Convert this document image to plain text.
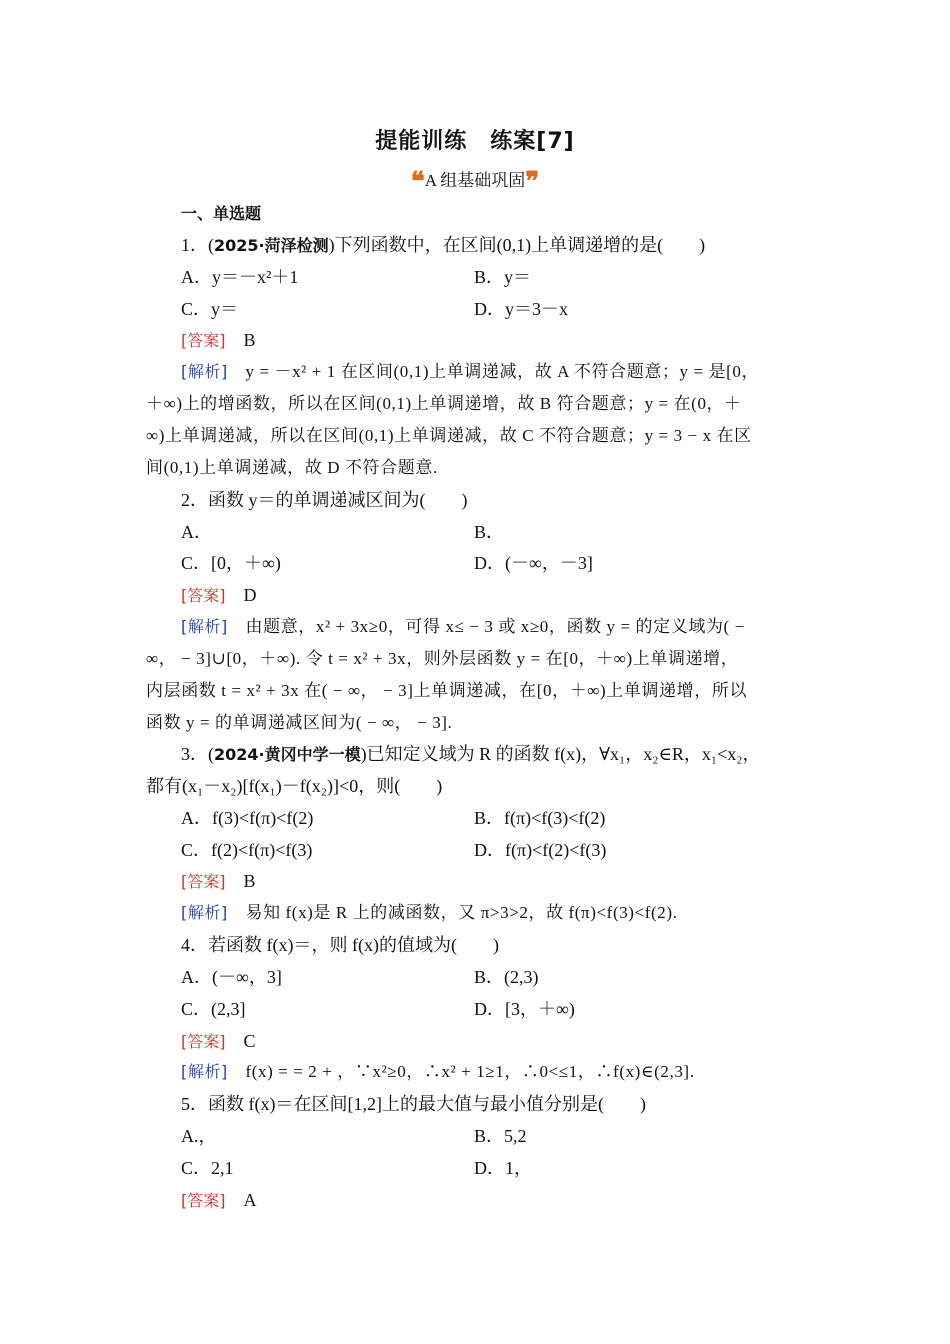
提能训练　练案[7]
❝A 组基础巩固❞
一、单选题
1．(2025·菏泽检测)下列函数中，在区间(0,1)上单调递增的是(　　)
A．y＝－x²＋1	B．y＝
C．y＝	D．y＝3－x
[答案]　 B
[解析]　 y = －x² + 1 在区间(0,1)上单调递减，故 A 不符合题意；y = 是[0，
＋∞)上的增函数，所以在区间(0,1)上单调递增，故 B 符合题意；y = 在(0，＋
∞)上单调递减，所以在区间(0,1)上单调递减，故 C 不符合题意；y = 3 − x 在区
间(0,1)上单调递减，故 D 不符合题意.
2．函数 y＝的单调递减区间为(　　)
A．	B．
C．[0，＋∞)	D．(－∞，－3]
[答案]　 D
[解析]　 由题意，x² + 3x≥0，可得 x≤ − 3 或 x≥0，函数 y = 的定义域为( −
∞， − 3]∪[0，＋∞). 令 t = x² + 3x，则外层函数 y = 在[0，＋∞)上单调递增，
内层函数 t = x² + 3x 在( − ∞， − 3]上单调递减，在[0，＋∞)上单调递增，所以
函数 y = 的单调递减区间为( − ∞， − 3].
3．(2024·黄冈中学一模)已知定义域为 R 的函数 f(x)，∀x₁，x₂∈R，x₁<x₂，
都有(x₁－x₂)[f(x₁)－f(x₂)]<0，则(　　)
A．f(3)<f(π)<f(2)	B．f(π)<f(3)<f(2)
C．f(2)<f(π)<f(3)	D．f(π)<f(2)<f(3)
[答案]　 B
[解析]　 易知 f(x)是 R 上的减函数，又 π>3>2，故 f(π)<f(3)<f(2).
4．若函数 f(x)＝，则 f(x)的值域为(　　)
A．(－∞，3]	B．(2,3)
C．(2,3]	D．[3，＋∞)
[答案]　 C
[解析]　 f(x) = = 2 + ，∵x²≥0，∴x² + 1≥1，∴0<≤1，∴f(x)∈(2,3].
5．函数 f(x)＝在区间[1,2]上的最大值与最小值分别是(　　)
A.，	B．5,2
C．2,1	D．1，
[答案]　 A
